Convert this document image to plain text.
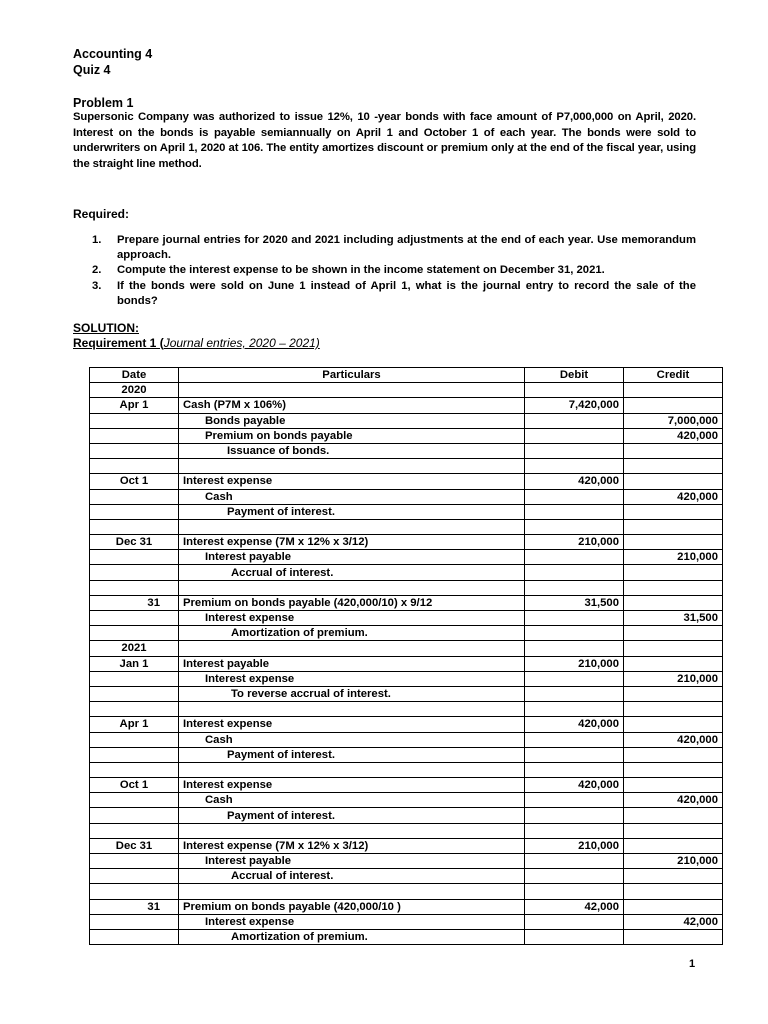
Accounting 4
Quiz 4
Problem 1
Supersonic Company was authorized to issue 12%, 10 -year bonds with face amount of P7,000,000 on April, 2020. Interest on the bonds is payable semiannually on April 1 and October 1 of each year. The bonds were sold to underwriters on April 1, 2020 at 106. The entity amortizes discount or premium only at the end of the fiscal year, using the straight line method.
Required:
1. Prepare journal entries for 2020 and 2021 including adjustments at the end of each year. Use memorandum approach.
2. Compute the interest expense to be shown in the income statement on December 31, 2021.
3. If the bonds were sold on June 1 instead of April 1, what is the journal entry to record the sale of the bonds?
SOLUTION:
Requirement 1 (Journal entries, 2020 – 2021)
Date	Particulars	Debit	Credit
2020			
Apr 1	Cash (P7M x 106%)	7,420,000	
	Bonds payable		7,000,000
	Premium on bonds payable		420,000
	Issuance of bonds.		

Oct 1	Interest expense	420,000	
	Cash		420,000
	Payment of interest.		

Dec 31	Interest expense (7M x 12% x 3/12)	210,000	
	Interest payable		210,000
	Accrual of interest.		

31	Premium on bonds payable (420,000/10) x 9/12	31,500	
	Interest expense		31,500
	Amortization of premium.		
2021			
Jan 1	Interest payable	210,000	
	Interest expense		210,000
	To reverse accrual of interest.		

Apr 1	Interest expense	420,000	
	Cash		420,000
	Payment of interest.		

Oct 1	Interest expense	420,000	
	Cash		420,000
	Payment of interest.		

Dec 31	Interest expense (7M x 12% x 3/12)	210,000	
	Interest payable		210,000
	Accrual of interest.		

31	Premium on bonds payable (420,000/10 )	42,000	
	Interest expense		42,000
	Amortization of premium.		
1
